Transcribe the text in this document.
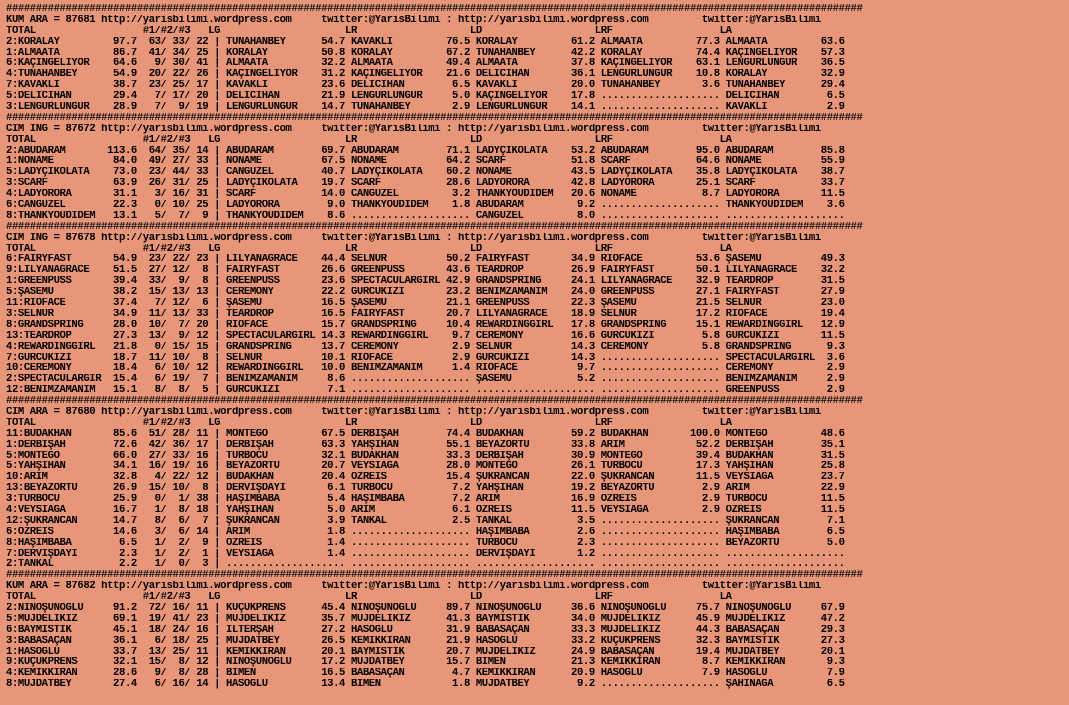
################################################################################################################################################
KUM ARA = 87681 http://yarisbilimi.wordpress.com     twitter:@YarisBilimi : http://yarisbilimi.wordpress.com         twitter:@YarisBilimi
TOTAL                  #1/#2/#3   LG                     LR                   LD                   LRF                  LA
2:KORALAY         97.7  63/ 33/ 22 | TUNAHANBEY      54.7 KAVAKLI         76.5 KORALAY         61.2 ALMAATA         77.3 ALMAATA         63.6
1:ALMAATA         86.7  41/ 34/ 25 | KORALAY         50.8 KORALAY         67.2 TUNAHANBEY      42.2 KORALAY         74.4 KAÇINGELİYOR    57.3
6:KAÇINGELİYOR    64.6   9/ 30/ 41 | ALMAATA         32.2 ALMAATA         49.4 ALMAATA         37.8 KAÇINGELİYOR    63.1 LENGÜRLÜNGÜR    36.5
4:TUNAHANBEY      54.9  20/ 22/ 26 | KAÇINGELİYOR    31.2 KAÇINGELİYOR    21.6 DELİCİHAN       36.1 LENGÜRLÜNGÜR    10.8 KORALAY         32.9
7:KAVAKLI         38.7  23/ 25/ 17 | KAVAKLI         23.6 DELİCİHAN        6.5 KAVAKLI         20.0 TUNAHANBEY       3.6 TUNAHANBEY      29.4
5:DELİCİHAN       29.4   7/ 17/ 20 | DELİCİHAN       21.9 LENGÜRLÜNGÜR     5.0 KAÇINGELİYOR    17.8 .................... DELİCİHAN        6.5
3:LENGÜRLÜNGÜR    28.9   7/  9/ 19 | LENGÜRLÜNGÜR    14.7 TUNAHANBEY       2.9 LENGÜRLÜNGÜR    14.1 .................... KAVAKLI          2.9
################################################################################################################################################
CIM ING = 87672 http://yarisbilimi.wordpress.com     twitter:@YarisBilimi : http://yarisbilimi.wordpress.com         twitter:@YarisBilimi
TOTAL                  #1/#2/#3   LG                     LR                   LD                   LRF                  LA
2:ABUDARAM       113.6  64/ 35/ 14 | ABUDARAM        69.7 ABUDARAM        71.1 LADYÇİKOLATA    53.2 ABUDARAM        95.0 ABUDARAM        85.8
1:NONAME          84.0  49/ 27/ 33 | NONAME          67.5 NONAME          64.2 SCARF           51.8 SCARF           64.6 NONAME          55.9
5:LADYÇİKOLATA    73.0  23/ 44/ 33 | CANGÜZEL        40.7 LADYÇİKOLATA    60.2 NONAME          43.5 LADYÇİKOLATA    35.8 LADYÇİKOLATA    38.7
3:SCARF           63.9  26/ 31/ 25 | LADYÇİKOLATA    19.7 SCARF           28.6 LADYORORA       42.8 LADYORORA       25.1 SCARF           33.7
4:LADYORORA       31.1   3/ 16/ 31 | SCARF           14.0 CANGÜZEL         3.2 THANKYOUDİDEM   20.6 NONAME           8.7 LADYORORA       11.5
6:CANGÜZEL        22.3   0/ 10/ 25 | LADYORORA        9.0 THANKYOUDİDEM    1.8 ABUDARAM         9.2 .................... THANKYOUDİDEM    3.6
8:THANKYOUDİDEM   13.1   5/  7/  9 | THANKYOUDİDEM    8.6 .................... CANGÜZEL         8.0 .................... ....................
################################################################################################################################################
CIM ING = 87678 http://yarisbilimi.wordpress.com     twitter:@YarisBilimi : http://yarisbilimi.wordpress.com         twitter:@YarisBilimi
TOTAL                  #1/#2/#3   LG                     LR                   LD                   LRF                  LA
6:FAIRYFAST       54.9  23/ 22/ 23 | LILYANAGRACE    44.4 SELNUR          50.2 FAIRYFAST       34.9 RIOFACE         53.6 ŞASEMU          49.3
9:LILYANAGRACE    51.5  27/ 12/  8 | FAIRYFAST       26.6 GREENPUSS       43.6 TEARDROP        26.9 FAIRYFAST       50.1 LILYANAGRACE    32.2
1:GREENPUSS       39.4  33/  9/  8 | GREENPUSS       23.6 SPECTACULARGIRL 42.9 GRANDSPRING     24.1 LILYANAGRACE    32.9 TEARDROP        31.5
5:ŞASEMU          38.2  15/ 13/ 13 | CEREMONY        22.2 GÜRCÜKIZI       23.2 BENİMZAMANIM    24.0 GREENPUSS       27.1 FAIRYFAST       27.9
11:RIOFACE        37.4   7/ 12/  6 | ŞASEMU          16.5 ŞASEMU          21.1 GREENPUSS       22.3 ŞASEMU          21.5 SELNUR          23.0
3:SELNUR          34.9  11/ 13/ 33 | TEARDROP        16.5 FAIRYFAST       20.7 LILYANAGRACE    18.9 SELNUR          17.2 RIOFACE         19.4
8:GRANDSPRING     28.0  10/  7/ 20 | RIOFACE         15.7 GRANDSPRING     10.4 REWARDINGGIRL   17.8 GRANDSPRING     15.1 REWARDINGGIRL   12.9
13:TEARDROP       27.3  13/  9/ 12 | SPECTACULARGIRL 14.3 REWARDINGGIRL    9.7 CEREMONY        16.6 GÜRCÜKIZI        5.8 GÜRCÜKIZI       11.5
4:REWARDINGGIRL   21.8   0/ 15/ 15 | GRANDSPRING     13.7 CEREMONY         2.9 SELNUR          14.3 CEREMONY         5.8 GRANDSPRING      9.3
7:GÜRCÜKIZI       18.7  11/ 10/  8 | SELNUR          10.1 RIOFACE          2.9 GÜRCÜKIZI       14.3 .................... SPECTACULARGIRL  3.6
10:CEREMONY       18.4   6/ 10/ 12 | REWARDINGGIRL   10.0 BENİMZAMANIM     1.4 RIOFACE          9.7 .................... CEREMONY         2.9
2:SPECTACULARGIR  15.4   6/ 19/  7 | BENİMZAMANIM     8.6 .................... ŞASEMU           5.2 .................... BENİMZAMANIM     2.9
12:BENİMZAMANIM   15.1   8/  8/  5 | GÜRCÜKIZI        7.1 .................... .................... .................... GREENPUSS        2.9
################################################################################################################################################
CIM ARA = 87680 http://yarisbilimi.wordpress.com     twitter:@YarisBilimi : http://yarisbilimi.wordpress.com         twitter:@YarisBilimi
TOTAL                  #1/#2/#3   LG                     LR                   LD                   LRF                  LA
11:BUDAKHAN       85.6  51/ 28/ 11 | MONTEGO         67.5 DERBİŞAH        74.4 BUDAKHAN        59.2 BUDAKHAN       100.0 MONTEGO         48.6
1:DERBİŞAH        72.6  42/ 36/ 17 | DERBİŞAH        63.3 YAHŞİHAN        55.1 BEYAZÖRTÜ       33.8 ARIM            52.2 DERBİŞAH        35.1
5:MONTEGO         66.0  27/ 33/ 16 | TURBOCU         32.1 BUDAKHAN        33.3 DERBİŞAH        30.9 MONTEGO         39.4 BUDAKHAN        31.5
5:YAHŞİHAN        34.1  16/ 19/ 16 | BEYAZÖRTÜ       20.7 VEYSİAĞA        28.0 MONTEGO         26.1 TURBOCU         17.3 YAHŞİHAN        25.8
10:ARIM           32.8   4/ 22/ 12 | BUDAKHAN        20.4 ÖZREİS          15.4 ŞUKRANCAN       22.0 ŞUKRANCAN       11.5 VEYSİAĞA        23.7
13:BEYAZÖRTÜ      26.9  15/ 10/  8 | DERVİŞDAYI       6.1 TURBOCU          7.2 YAHŞİHAN        19.2 BEYAZÖRTÜ        2.9 ARIM            22.9
3:TURBOCU         25.9   0/  1/ 38 | HAŞIMBABA        5.4 HAŞIMBABA        7.2 ARIM            16.9 ÖZREİS           2.9 TURBOCU         11.5
4:VEYSİAĞA        16.7   1/  8/ 18 | YAHŞİHAN         5.0 ARIM             6.1 ÖZREİS          11.5 VEYSİAĞA         2.9 ÖZREİS          11.5
12:ŞUKRANCAN      14.7   8/  6/  7 | ŞUKRANCAN        3.9 TANKAL           2.5 TANKAL           3.5 .................... ŞUKRANCAN        7.1
6:ÖZREİS          14.6   3/  6/ 14 | ARIM             1.8 .................... HAŞIMBABA        2.6 .................... HAŞIMBABA        6.5
8:HAŞIMBABA        6.5   1/  2/  9 | ÖZREİS           1.4 .................... TURBOCU          2.3 .................... BEYAZÖRTÜ        5.0
7:DERVİŞDAYI       2.3   1/  2/  1 | VEYSİAĞA         1.4 .................... DERVİŞDAYI       1.2 .................... ....................
2:TANKAL           2.2   1/  0/  3 | .................... .................... .................... .................... ....................
################################################################################################################################################
KUM ARA = 87682 http://yarisbilimi.wordpress.com     twitter:@YarisBilimi : http://yarisbilimi.wordpress.com         twitter:@YarisBilimi
TOTAL                  #1/#2/#3   LG                     LR                   LD                   LRF                  LA
2:NİNOŞUNOĞLU     91.2  72/ 16/ 11 | KÜÇÜKPRENS      45.4 NİNOŞUNOĞLU     89.7 NİNOŞUNOĞLU     36.6 NİNOŞUNOĞLU     75.7 NİNOŞUNOĞLU     67.9
5:MÜJDELİKIZ      69.1  19/ 41/ 23 | MÜJDELİKIZ      35.7 MÜJDELİKIZ      41.3 BAYMISTIK       34.0 MÜJDELİKIZ      45.9 MÜJDELİKIZ      47.2
6:BAYMISTIK       45.1  18/ 24/ 16 | İLTERŞAH        27.2 HASOĞLU         31.9 BABASAÇAN       33.3 MÜJDELİKIZ      44.3 BABASAÇAN       29.3
3:BABASAÇAN       36.1   6/ 18/ 25 | MÜJDATBEY       26.5 KEMİKKIRAN      21.9 HASOĞLU         33.2 KÜÇÜKPRENS      32.3 BAYMISTIK       27.3
1:HASOĞLU         33.7  13/ 25/ 11 | KEMİKKIRAN      20.1 BAYMISTIK       20.7 MÜJDELİKIZ      24.9 BABASAÇAN       19.4 MÜJDATBEY       20.1
9:KÜÇÜKPRENS      32.1  15/  8/ 12 | NİNOŞUNOĞLU     17.2 MÜJDATBEY       15.7 BİMEN           21.3 KEMİKKIRAN       8.7 KEMİKKIRAN       9.3
4:KEMİKKIRAN      28.6   9/  8/ 28 | BİMEN           16.5 BABASAÇAN        4.7 KEMİKKIRAN      20.9 HASOĞLU          7.9 HASOĞLU          7.9
8:MÜJDATBEY       27.4   6/ 16/ 14 | HASOĞLU         13.4 BİMEN            1.8 MÜJDATBEY        9.2 .................... ŞAHİNAĞA         6.5
